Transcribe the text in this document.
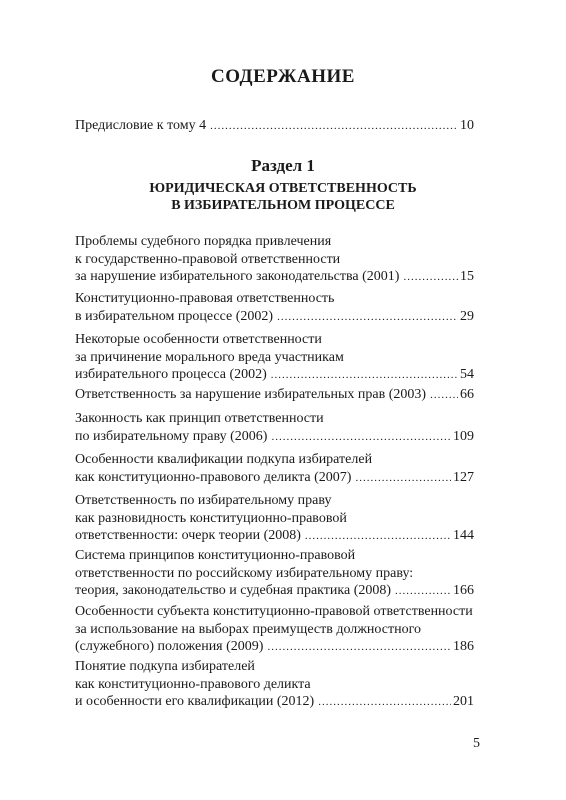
СОДЕРЖАНИЕ
Предисловие к тому 4 .....	10
Раздел 1
ЮРИДИЧЕСКАЯ ОТВЕТСТВЕННОСТЬ
В ИЗБИРАТЕЛЬНОМ ПРОЦЕССЕ
Проблемы судебного порядка привлечения
к государственно-правовой ответственности
за нарушение избирательного законодательства (2001) .....	15
Конституционно-правовая ответственность
в избирательном процессе (2002) .....	29
Некоторые особенности ответственности
за причинение морального вреда участникам
избирательного процесса (2002) .....	54
Ответственность за нарушение избирательных прав (2003) ..... 66
Законность как принцип ответственности
по избирательному праву (2006) .....	109
Особенности квалификации подкупа избирателей
как конституционно-правового деликта (2007) .....	127
Ответственность по избирательному праву
как разновидность конституционно-правовой
ответственности: очерк теории (2008) .....	144
Система принципов конституционно-правовой
ответственности по российскому избирательному праву:
теория, законодательство и судебная практика (2008) .....	166
Особенности субъекта конституционно-правовой ответственности
за использование на выборах преимуществ должностного
(служебного) положения (2009) .....	186
Понятие подкупа избирателей
как конституционно-правового деликта
и особенности его квалификации (2012) .....	201
5
